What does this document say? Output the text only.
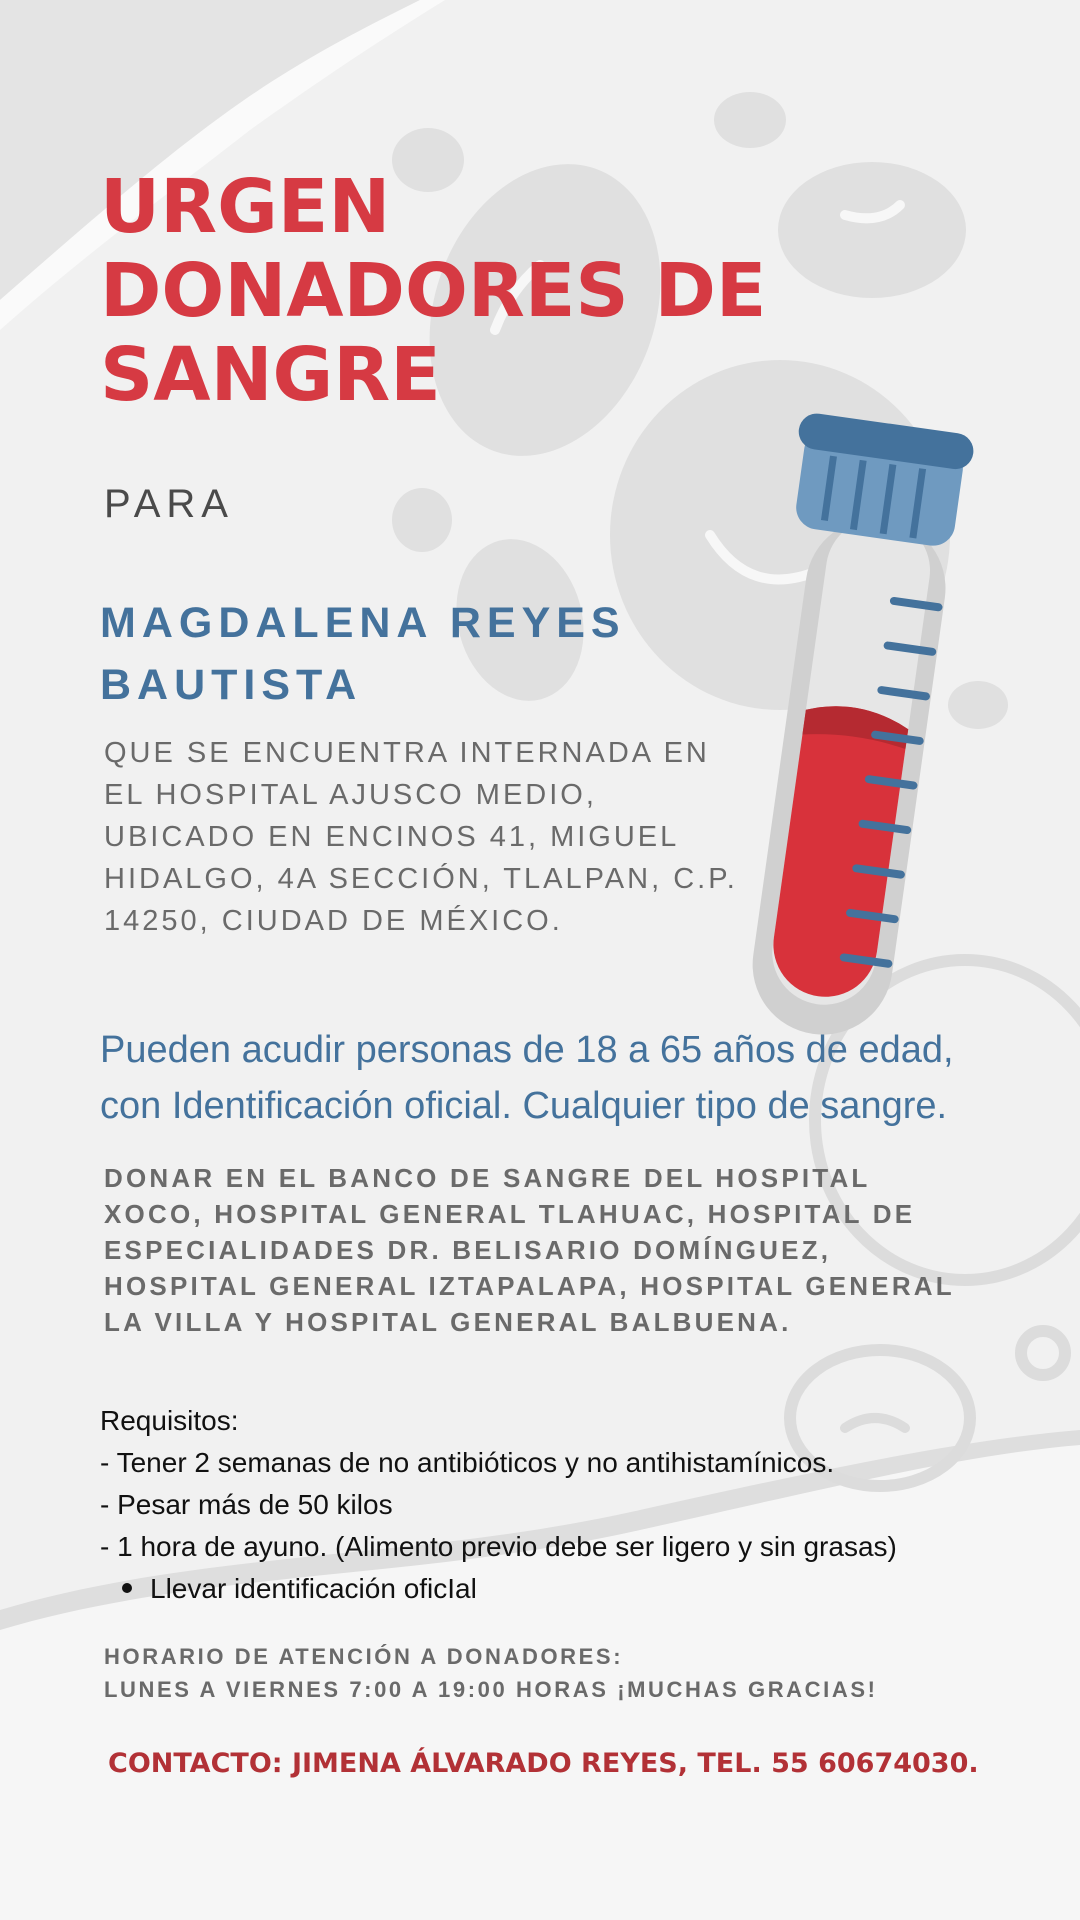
URGEN
DONADORES DE
SANGRE
PARA
MAGDALENA REYES
BAUTISTA
QUE SE ENCUENTRA INTERNADA EN
EL HOSPITAL AJUSCO MEDIO,
UBICADO EN ENCINOS 41, MIGUEL
HIDALGO, 4A SECCIÓN, TLALPAN, C.P.
14250, CIUDAD DE MÉXICO.
Pueden acudir personas de 18 a 65 años de edad,
con Identificación oficial. Cualquier tipo de sangre.
DONAR EN EL BANCO DE SANGRE DEL HOSPITAL
XOCO, HOSPITAL GENERAL TLAHUAC, HOSPITAL DE
ESPECIALIDADES DR. BELISARIO DOMÍNGUEZ,
HOSPITAL GENERAL IZTAPALAPA, HOSPITAL GENERAL
LA VILLA Y HOSPITAL GENERAL BALBUENA.
Requisitos:
- Tener 2 semanas de no antibióticos y no antihistamínicos.
- Pesar más de 50 kilos
- 1 hora de ayuno. (Alimento previo debe ser ligero y sin grasas)
Llevar identificación oficIal
HORARIO DE ATENCIÓN A DONADORES:
LUNES A VIERNES 7:00 A 19:00 HORAS ¡MUCHAS GRACIAS!
CONTACTO: JIMENA ÁLVARADO REYES, TEL. 55 60674030.
